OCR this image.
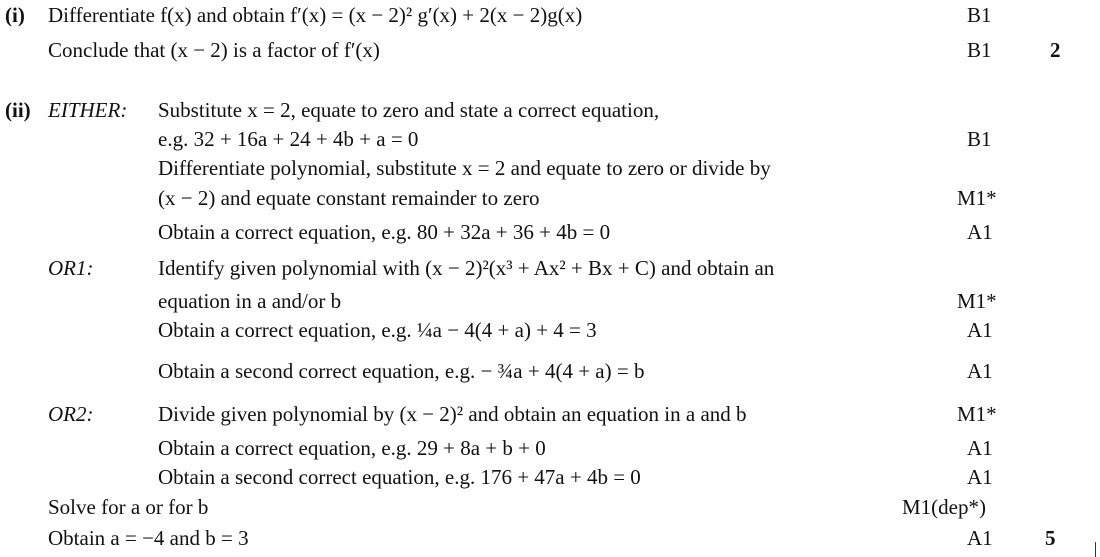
(i) Differentiate f(x) and obtain f′(x) = (x − 2)² g′(x) + 2(x − 2)g(x)	B1
Conclude that (x − 2) is a factor of f′(x)	B1	2
(ii) EITHER: Substitute x = 2, equate to zero and state a correct equation,
e.g. 32 + 16a + 24 + 4b + a = 0	B1
Differentiate polynomial, substitute x = 2 and equate to zero or divide by
(x − 2) and equate constant remainder to zero	M1*
Obtain a correct equation, e.g. 80 + 32a + 36 + 4b = 0	A1
OR1:	Identify given polynomial with (x − 2)²(x³ + Ax² + Bx + C) and obtain an
equation in a and/or b	M1*
Obtain a correct equation, e.g. ¼a − 4(4 + a) + 4 = 3	A1
Obtain a second correct equation, e.g. − ¾a + 4(4 + a) = b	A1
OR2:	Divide given polynomial by (x − 2)² and obtain an equation in a and b	M1*
Obtain a correct equation, e.g. 29 + 8a + b + 0	A1
Obtain a second correct equation, e.g. 176 + 47a + 4b = 0	A1
Solve for a or for b	M1(dep*)
Obtain a = −4 and b = 3	A1 5
